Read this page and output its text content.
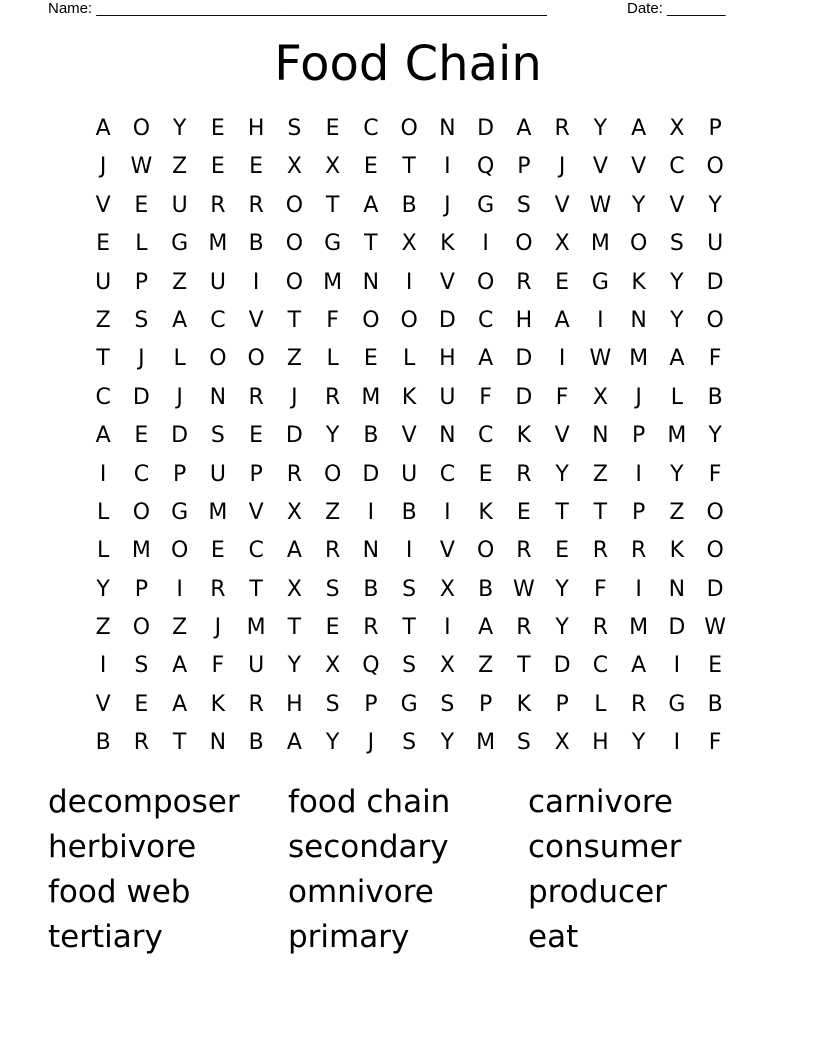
Name: ______________________________________________________	Date: _______
Food Chain
A	O	Y	E	H	S	E	C O N D	A	R	Y	A	X	P
J	W Z	E	E	X	X	E	T	I	Q	P	J	V	V	C O
V	E	U	R	R O	T	A	B	J	G	S	V W Y	V	Y
E	L	G M B	O G	T	X	K	I	O	X M O	S	U
U	P	Z	U	I	O M N	I	V	O R	E	G	K	Y	D
Z	S	A	C	V	T	F	O O D	C	H	A	I	N	Y	O
T	J	L	O O	Z	L	E	L	H	A	D	I	W M A	F
C	D	J	N	R	J	R M K	U	F	D	F	X	J	L	B
A	E	D	S	E	D	Y	B	V	N	C	K	V	N	P	M	Y
I	C	P	U	P	R O D U	C	E	R	Y	Z	I	Y	F
L	O G M V	X	Z	I	B	I	K	E	T	T	P	Z	O
L	M O	E	C	A	R	N	I	V	O R	E	R	R	K	O
Y	P	I	R	T	X	S	B	S	X	B W Y	F	I	N D
Z	O	Z	J	M	T	E	R	T	I	A	R	Y	R M D W
I	S	A	F	U	Y	X	Q	S	X	Z	T	D	C	A	I	E
V	E	A	K	R	H	S	P	G	S	P	K	P	L	R	G	B
B	R	T	N	B	A	Y	J	S	Y	M S	X	H	Y	I	F
decomposer	food chain	carnivore
herbivore	secondary	consumer
food web	omnivore	producer
tertiary	primary	eat
